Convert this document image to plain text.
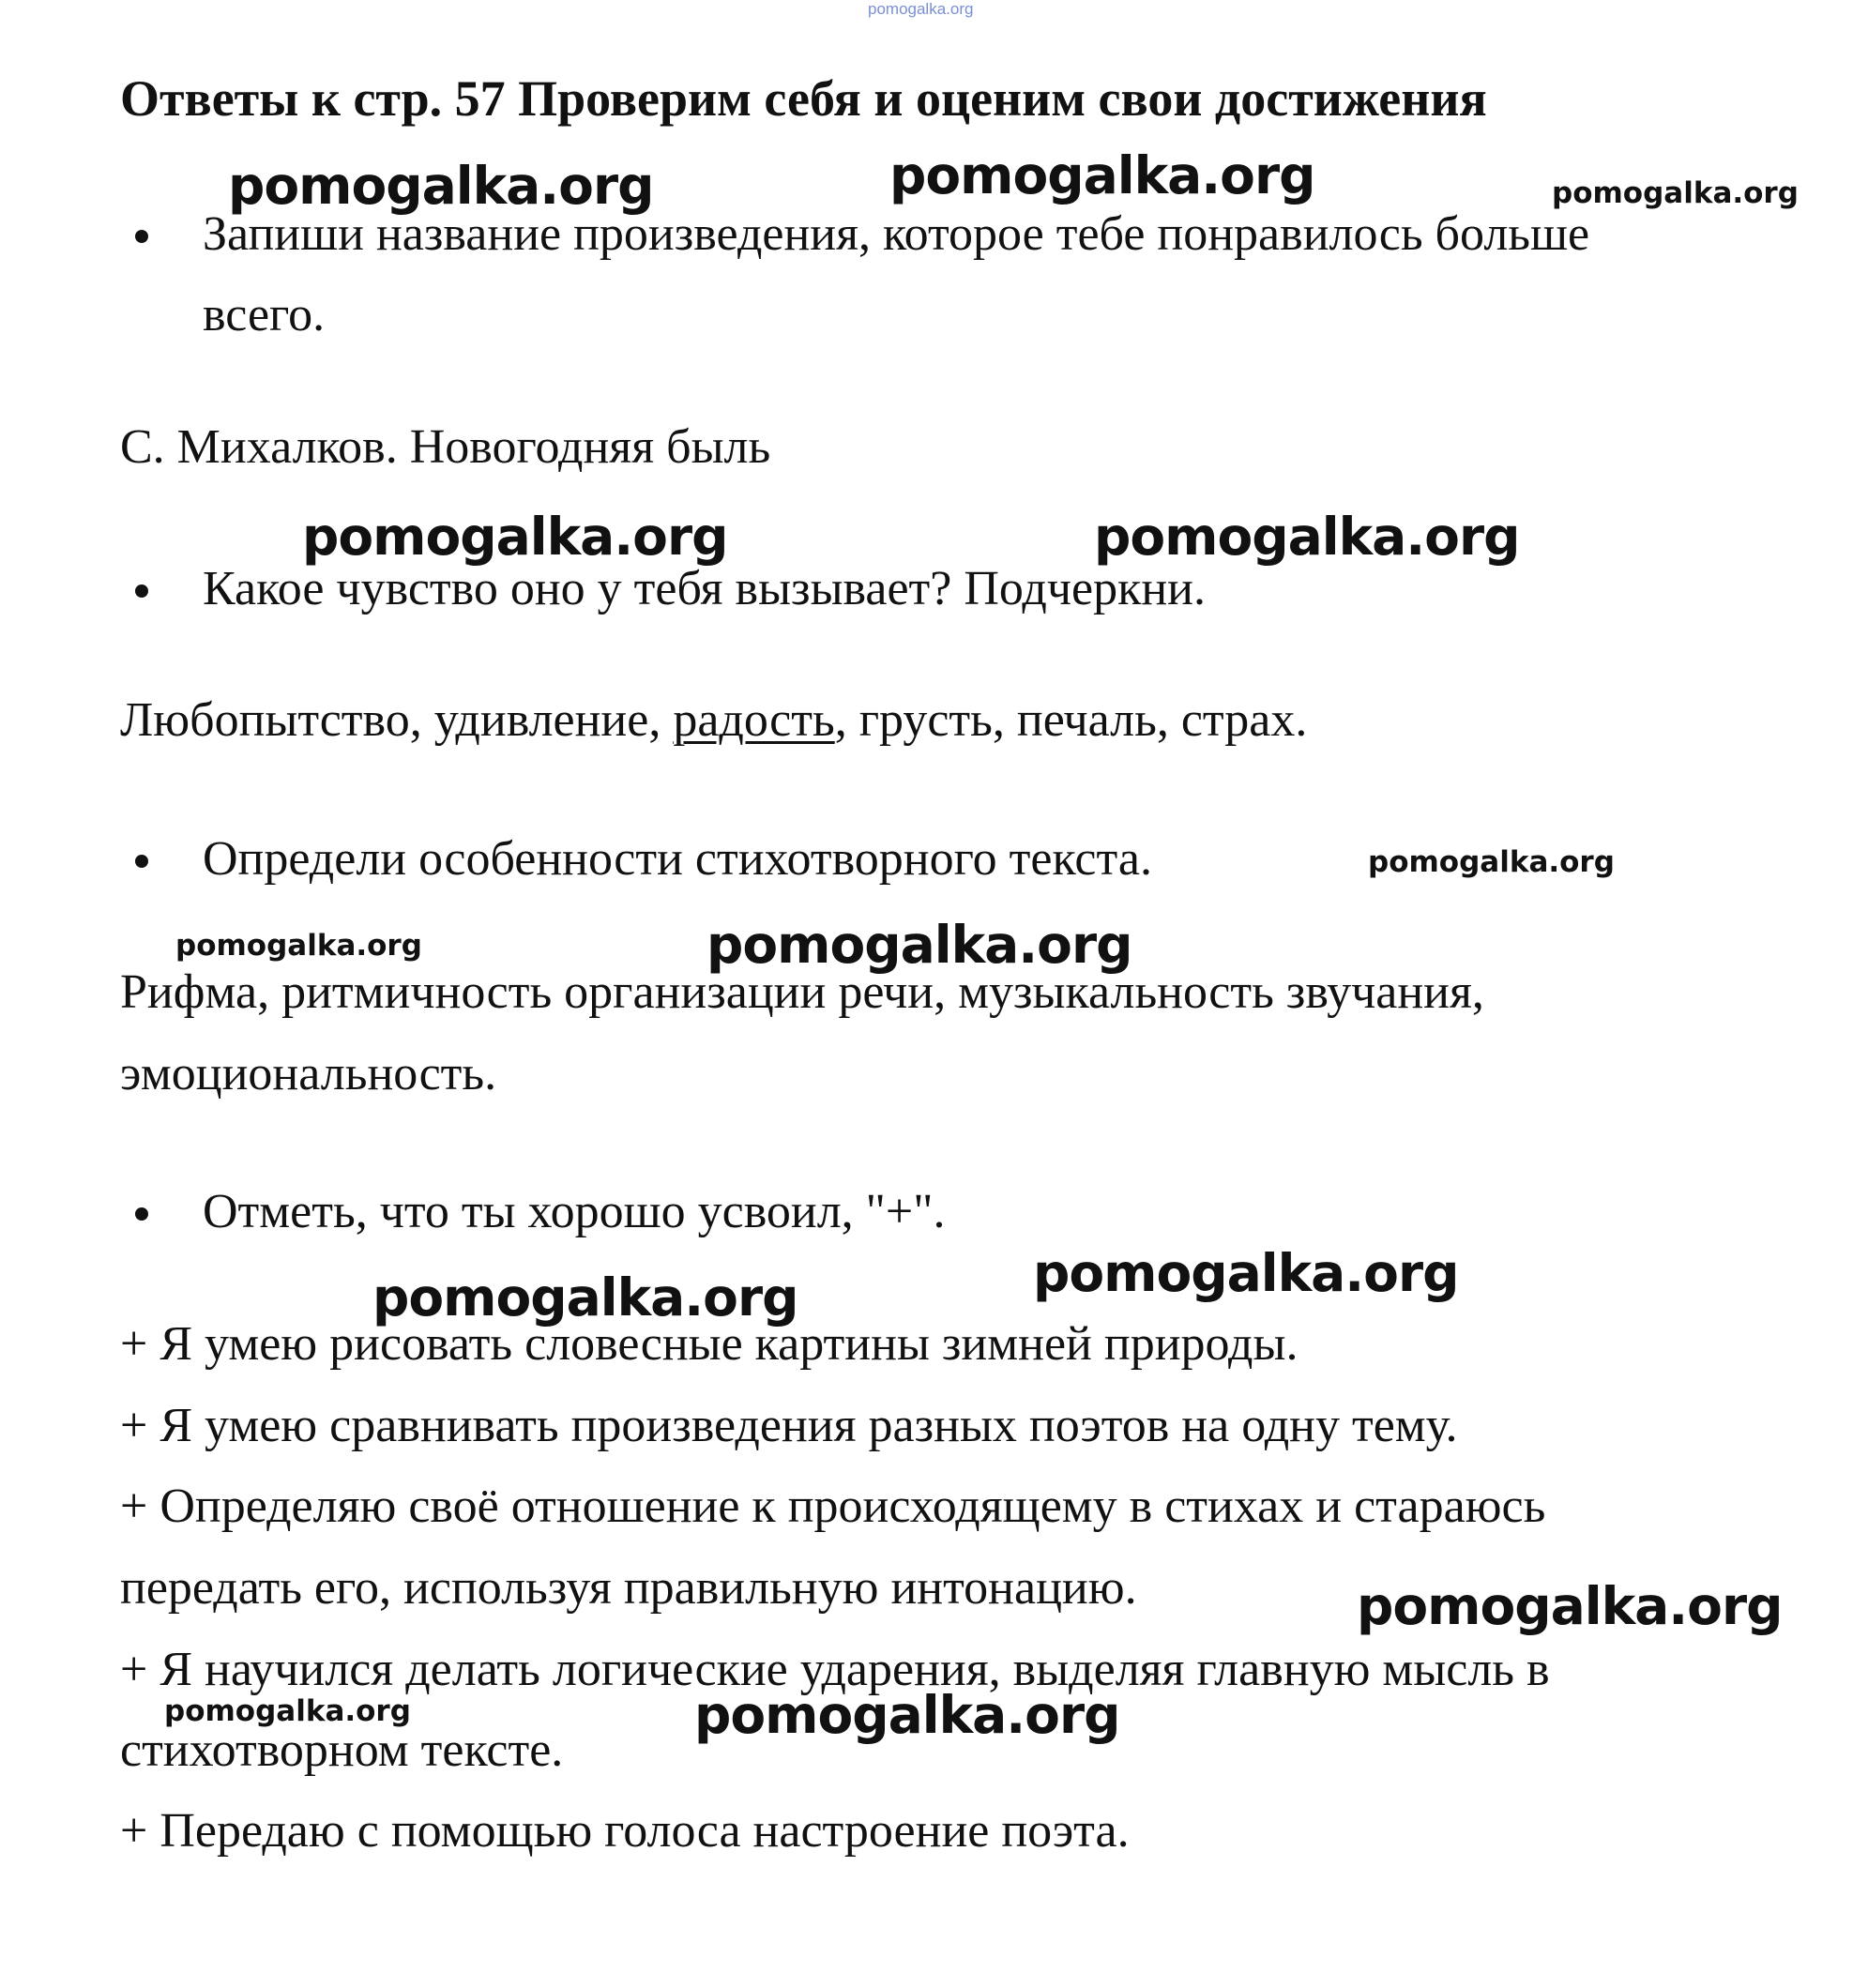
pomogalka.org
Ответы к стр. 57 Проверим себя и оценим свои достижения
Запиши название произведения, которое тебе понравилось больше
всего.
С. Михалков. Новогодняя быль
Какое чувство оно у тебя вызывает? Подчеркни.
Любопытство, удивление, радость, грусть, печаль, страх.
Определи особенности стихотворного текста.
Рифма, ритмичность организации речи, музыкальность звучания,
эмоциональность.
Отметь, что ты хорошо усвоил, "+".
+ Я умею рисовать словесные картины зимней природы.
+ Я умею сравнивать произведения разных поэтов на одну тему.
+ Определяю своё отношение к происходящему в стихах и стараюсь
передать его, используя правильную интонацию.
+ Я научился делать логические ударения, выделяя главную мысль в
стихотворном тексте.
+ Передаю с помощью голоса настроение поэта.
pomogalka.org	pomogalka.org	pomogalka.org
pomogalka.org	pomogalka.org
pomogalka.org
pomogalka.org	pomogalka.org
pomogalka.org
pomogalka.org
pomogalka.org
pomogalka.org	pomogalka.org
